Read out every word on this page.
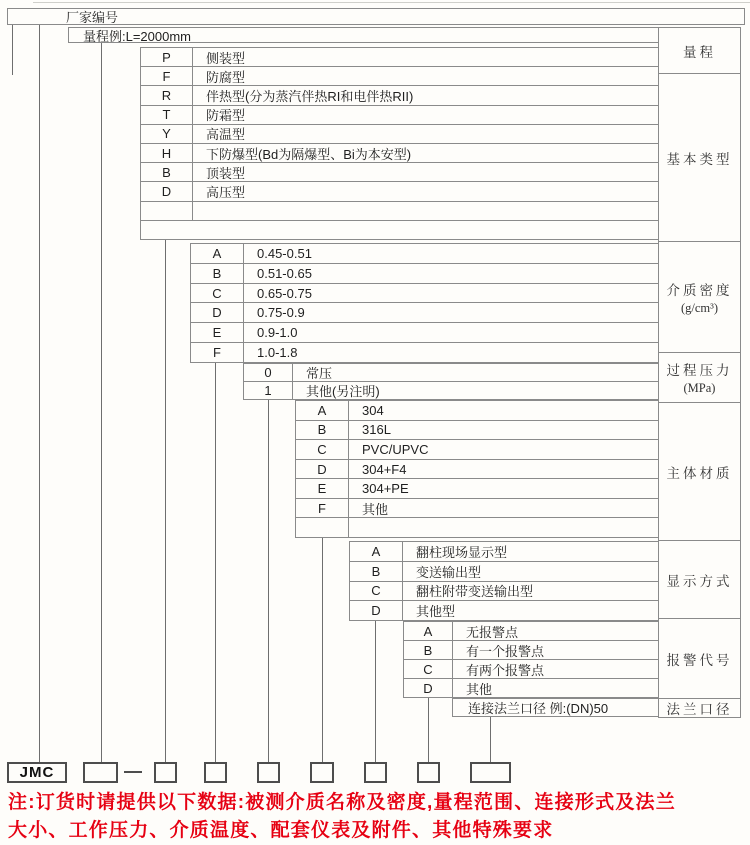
厂家编号
量程例:L=2000mm
P	侧装型
F	防腐型
R	伴热型(分为蒸汽伴热RI和电伴热RII)
T	防霜型
Y	高温型
H	下防爆型(Bd为隔爆型、Bi为本安型)
B	顶装型
D	高压型
A	0.45-0.51
B	0.51-0.65
C	0.65-0.75
D	0.75-0.9
E	0.9-1.0
F	1.0-1.8
0	常压
1	其他(另注明)
A	304
B	316L
C	PVC/UPVC
D	304+F4
E	304+PE
F	其他
A	翻柱现场显示型
B	变送输出型
C	翻柱附带变送输出型
D	其他型
A	无报警点
B	有一个报警点
C	有两个报警点
D	其他
连接法兰口径 例:(DN)50
量程
基本类型
介质密度
(g/cm³)
过程压力
(MPa)
主体材质
显示方式
报警代号
法兰口径
JMC
注:订货时请提供以下数据:被测介质名称及密度,量程范围、连接形式及法兰
大小、工作压力、介质温度、配套仪表及附件、其他特殊要求
